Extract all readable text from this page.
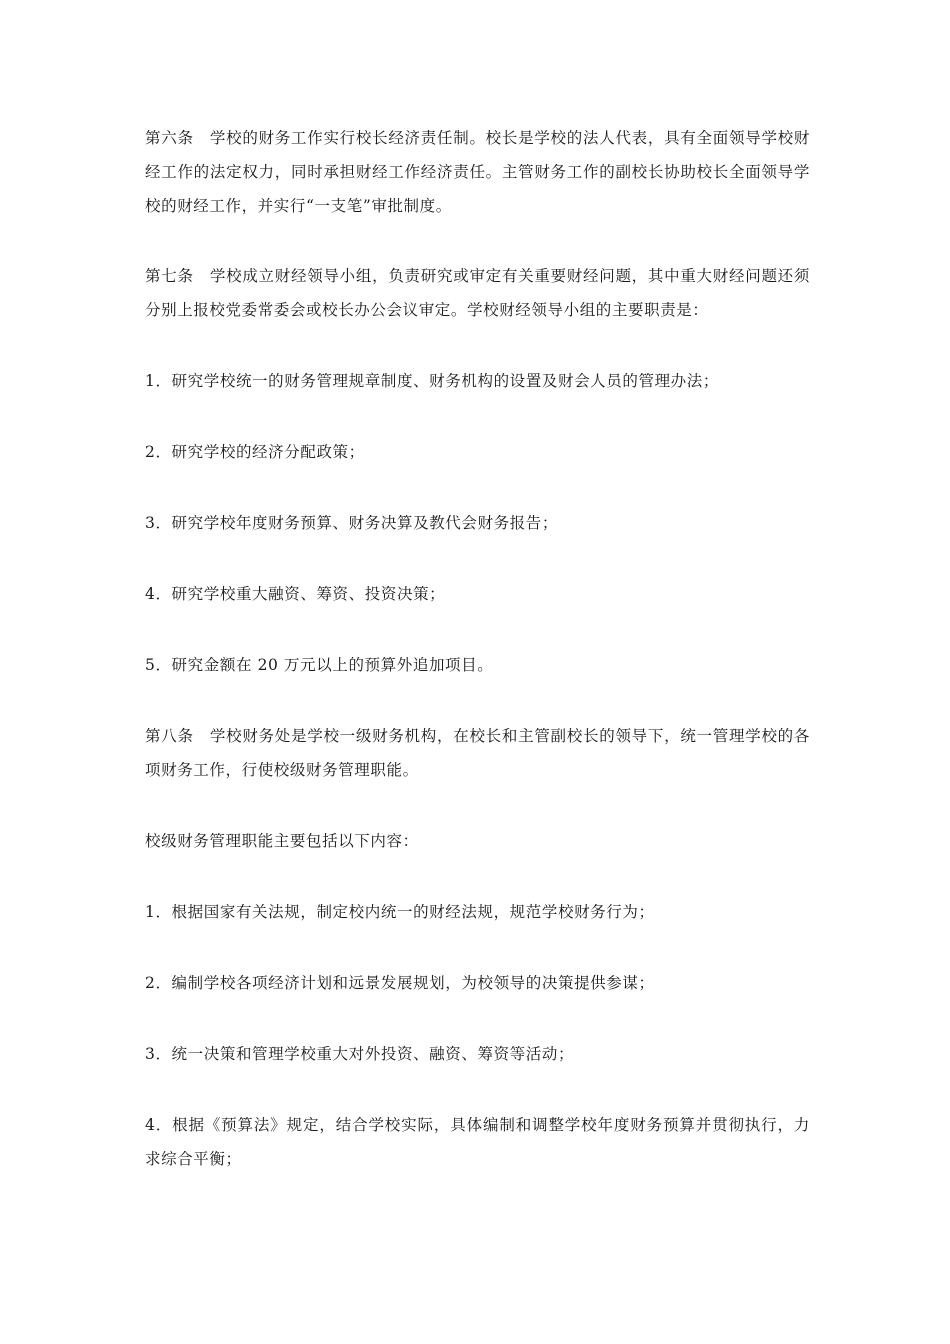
第六条　学校的财务工作实行校长经济责任制。校长是学校的法人代表，具有全面领导学校财经工作的法定权力，同时承担财经工作经济责任。主管财务工作的副校长协助校长全面领导学校的财经工作，并实行“一支笔”审批制度。

第七条　学校成立财经领导小组，负责研究或审定有关重要财经问题，其中重大财经问题还须分别上报校党委常委会或校长办公会议审定。学校财经领导小组的主要职责是：

1．研究学校统一的财务管理规章制度、财务机构的设置及财会人员的管理办法；

2．研究学校的经济分配政策；

3．研究学校年度财务预算、财务决算及教代会财务报告；

4．研究学校重大融资、筹资、投资决策；

5．研究金额在 20 万元以上的预算外追加项目。

第八条　学校财务处是学校一级财务机构，在校长和主管副校长的领导下，统一管理学校的各项财务工作，行使校级财务管理职能。

校级财务管理职能主要包括以下内容：

1．根据国家有关法规，制定校内统一的财经法规，规范学校财务行为；

2．编制学校各项经济计划和远景发展规划，为校领导的决策提供参谋；

3．统一决策和管理学校重大对外投资、融资、筹资等活动；

4．根据《预算法》规定，结合学校实际，具体编制和调整学校年度财务预算并贯彻执行，力求综合平衡；
